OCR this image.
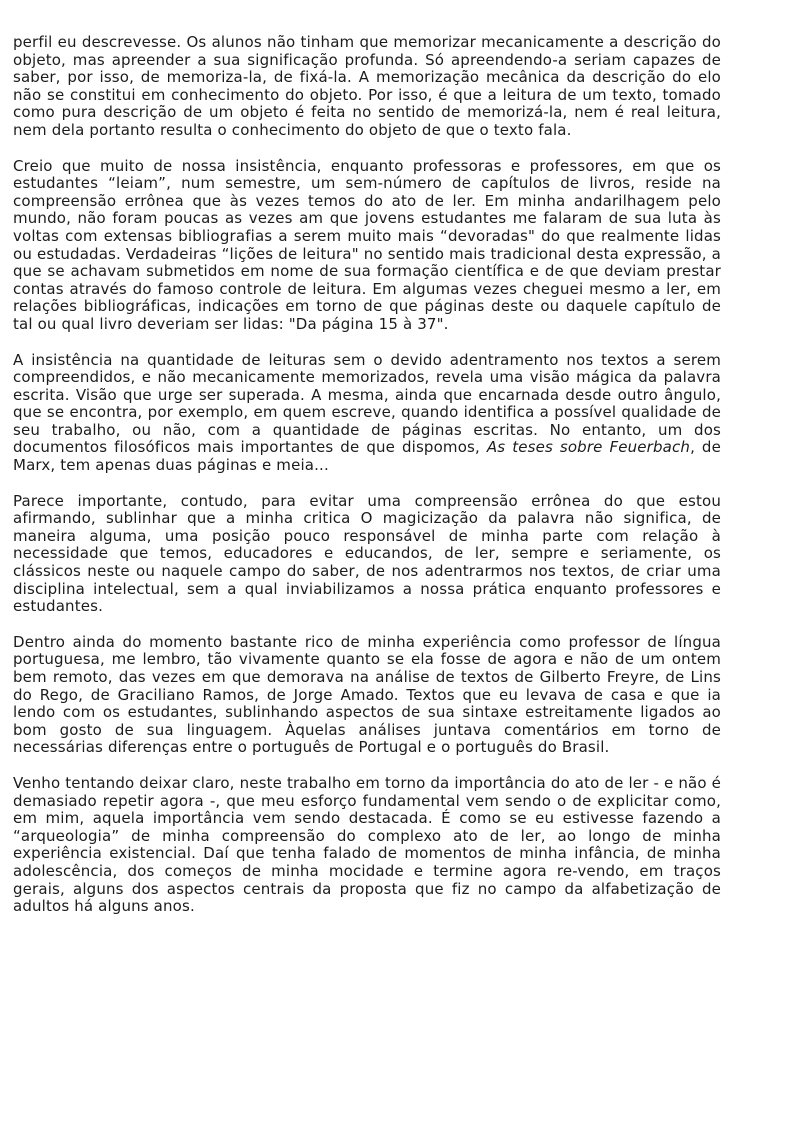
perfil eu descrevesse. Os alunos não tinham que memorizar mecanicamente a descrição do objeto, mas apreender a sua significação profunda. Só apreendendo-a seriam capazes de saber, por isso, de memoriza-la, de fixá-la. A memorização mecânica da descrição do elo não se constitui em conhecimento do objeto. Por isso, é que a leitura de um texto, tomado como pura descrição de um objeto é feita no sentido de memorizá-la, nem é real leitura, nem dela portanto resulta o conhecimento do objeto de que o texto fala.

Creio que muito de nossa insistência, enquanto professoras e professores, em que os estudantes “leiam”, num semestre, um sem-número de capítulos de livros, reside na compreensão errônea que às vezes temos do ato de ler. Em minha andarilhagem pelo mundo, não foram poucas as vezes am que jovens estudantes me falaram de sua luta às voltas com extensas bibliografias a serem muito mais “devoradas" do que realmente lidas ou estudadas. Verdadeiras “lições de leitura" no sentido mais tradicional desta expressão, a que se achavam submetidos em nome de sua formação científica e de que deviam prestar contas através do famoso controle de leitura. Em algumas vezes cheguei mesmo a ler, em relações bibliográficas, indicações em torno de que páginas deste ou daquele capítulo de tal ou qual livro deveriam ser lidas: "Da página 15 à 37".

A insistência na quantidade de leituras sem o devido adentramento nos textos a serem compreendidos, e não mecanicamente memorizados, revela uma visão mágica da palavra escrita. Visão que urge ser superada. A mesma, ainda que encarnada desde outro ângulo, que se encontra, por exemplo, em quem escreve, quando identifica a possível qualidade de seu trabalho, ou não, com a quantidade de páginas escritas. No entanto, um dos documentos filosóficos mais importantes de que dispomos, As teses sobre Feuerbach, de Marx, tem apenas duas páginas e meia...

Parece importante, contudo, para evitar uma compreensão errônea do que estou afirmando, sublinhar que a minha critica O magicização da palavra não significa, de maneira alguma, uma posição pouco responsável de minha parte com relação à necessidade que temos, educadores e educandos, de ler, sempre e seriamente, os clássicos neste ou naquele campo do saber, de nos adentrarmos nos textos, de criar uma disciplina intelectual, sem a qual inviabilizamos a nossa prática enquanto professores e estudantes.

Dentro ainda do momento bastante rico de minha experiência como professor de língua portuguesa, me lembro, tão vivamente quanto se ela fosse de agora e não de um ontem bem remoto, das vezes em que demorava na análise de textos de Gilberto Freyre, de Lins do Rego, de Graciliano Ramos, de Jorge Amado. Textos que eu levava de casa e que ia lendo com os estudantes, sublinhando aspectos de sua sintaxe estreitamente ligados ao bom gosto de sua linguagem. Àquelas análises juntava comentários em torno de necessárias diferenças entre o português de Portugal e o português do Brasil.

Venho tentando deixar claro, neste trabalho em torno da importância do ato de ler - e não é demasiado repetir agora -, que meu esforço fundamental vem sendo o de explicitar como, em mim, aquela importância vem sendo destacada. É como se eu estivesse fazendo a “arqueologia” de minha compreensão do complexo ato de ler, ao longo de minha experiência existencial. Daí que tenha falado de momentos de minha infância, de minha adolescência, dos começos de minha mocidade e termine agora re-vendo, em traços gerais, alguns dos aspectos centrais da proposta que fiz no campo da alfabetização de adultos há alguns anos.
